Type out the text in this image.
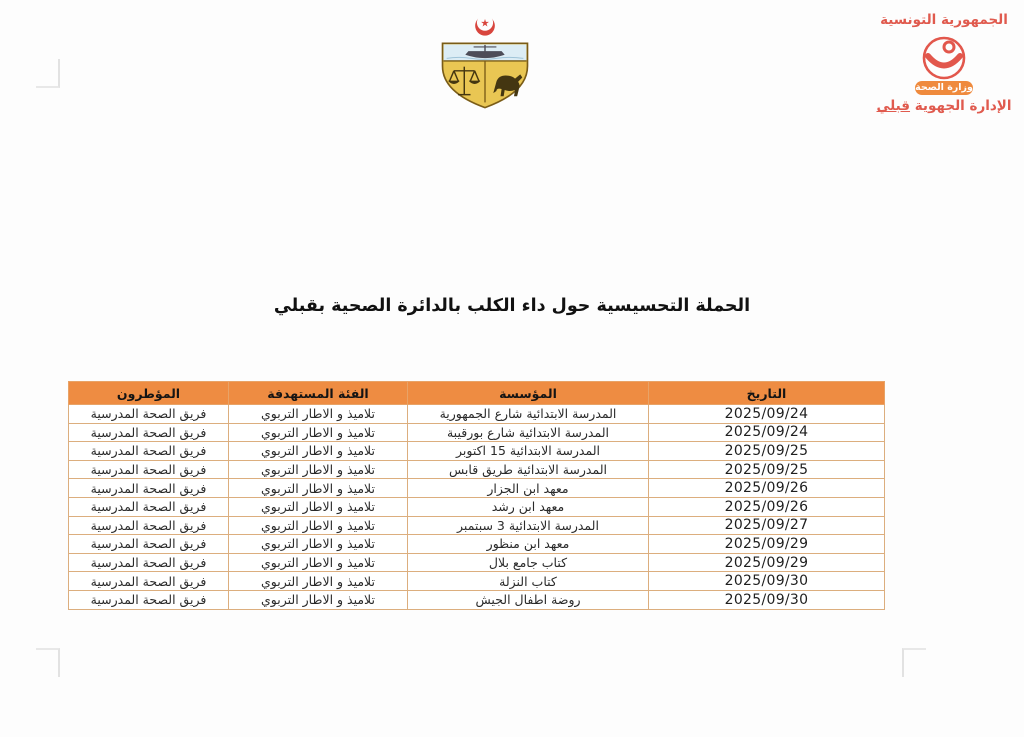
الجمهورية التونسية
وزارة الصحة
الإدارة الجهوية قبلي
الحملة التحسيسية حول داء الكلب بالدائرة الصحية بقبلي
التاريخ	المؤسسة	الفئة المستهدفة	المؤطرون
2025/09/24	المدرسة الابتدائية شارع الجمهورية	تلاميذ و الاطار التربوي	فريق الصحة المدرسية
2025/09/24	المدرسة الابتدائية شارع بورقيبة	تلاميذ و الاطار التربوي	فريق الصحة المدرسية
2025/09/25	المدرسة الابتدائية 15 اكتوبر	تلاميذ و الاطار التربوي	فريق الصحة المدرسية
2025/09/25	المدرسة الابتدائية طريق قابس	تلاميذ و الاطار التربوي	فريق الصحة المدرسية
2025/09/26	معهد ابن الجزار	تلاميذ و الاطار التربوي	فريق الصحة المدرسية
2025/09/26	معهد ابن رشد	تلاميذ و الاطار التربوي	فريق الصحة المدرسية
2025/09/27	المدرسة الابتدائية 3 سبتمبر	تلاميذ و الاطار التربوي	فريق الصحة المدرسية
2025/09/29	معهد ابن منظور	تلاميذ و الاطار التربوي	فريق الصحة المدرسية
2025/09/29	كتاب جامع بلال	تلاميذ و الاطار التربوي	فريق الصحة المدرسية
2025/09/30	كتاب النزلة	تلاميذ و الاطار التربوي	فريق الصحة المدرسية
2025/09/30	روضة اطفال الجيش	تلاميذ و الاطار التربوي	فريق الصحة المدرسية
